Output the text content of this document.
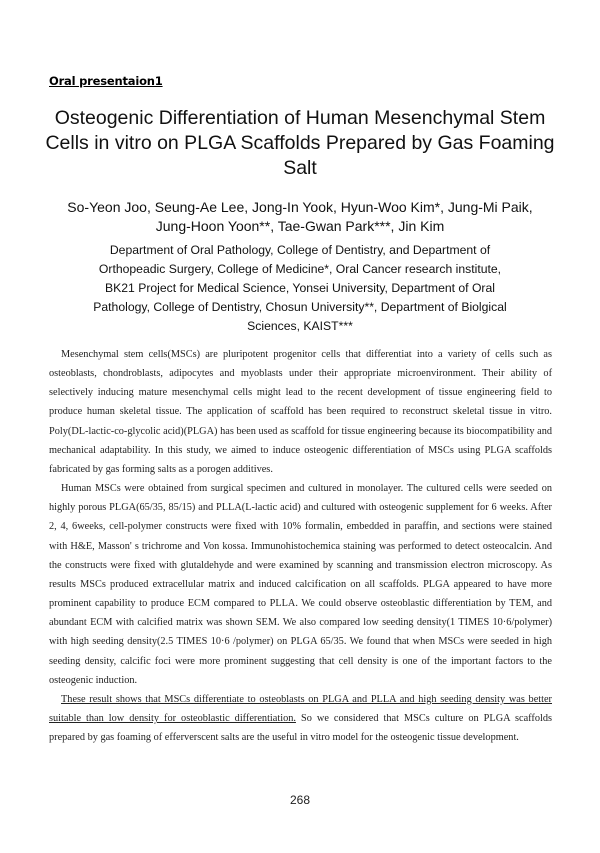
Oral presentaion1
Osteogenic Differentiation of Human Mesenchymal Stem Cells in vitro on PLGA Scaffolds Prepared by Gas Foaming Salt

So-Yeon Joo, Seung-Ae Lee, Jong-In Yook, Hyun-Woo Kim*, Jung-Mi Paik, Jung-Hoon Yoon**, Tae-Gwan Park***, Jin Kim

Department of Oral Pathology, College of Dentistry, and Department of Orthopeadic Surgery, College of Medicine*, Oral Cancer research institute, BK21 Project for Medical Science, Yonsei University, Department of Oral Pathology, College of Dentistry, Chosun University**, Department of Biolgical Sciences, KAIST***

Mesenchymal stem cells(MSCs) are pluripotent progenitor cells that differentiat into a variety of cells such as osteoblasts, chondroblasts, adipocytes and myoblasts under their appropriate microenvironment. Their ability of selectively inducing mature mesenchymal cells might lead to the recent development of tissue engineering field to produce human skeletal tissue. The application of scaffold has been required to reconstruct skeletal tissue in vitro. Poly(DL-lactic-co-glycolic acid)(PLGA) has been used as scaffold for tissue engineering because its biocompatibility and mechanical adaptability. In this study, we aimed to induce osteogenic differentiation of MSCs using PLGA scaffolds fabricated by gas forming salts as a porogen additives.

Human MSCs were obtained from surgical specimen and cultured in monolayer. The cultured cells were seeded on highly porous PLGA(65/35, 85/15) and PLLA(L-lactic acid) and cultured with osteogenic supplement for 6 weeks. After 2, 4, 6weeks, cell-polymer constructs were fixed with 10% formalin, embedded in paraffin, and sections were stained with H&E, Masson' s trichrome and Von kossa. Immunohistochemica staining was performed to detect osteocalcin. And the constructs were fixed with glutaldehyde and were examined by scanning and transmission electron microscopy. As results MSCs produced extracellular matrix and induced calcification on all scaffolds. PLGA appeared to have more prominent capability to produce ECM compared to PLLA. We could observe osteoblastic differentiation by TEM, and abundant ECM with calcified matrix was shown SEM. We also compared low seeding density(1 TIMES 10·6/polymer) with high seeding density(2.5 TIMES 10·6 /polymer) on PLGA 65/35. We found that when MSCs were seeded in high seeding density, calcific foci were more prominent suggesting that cell density is one of the important factors to the osteogenic induction.

These result shows that MSCs differentiate to osteoblasts on PLGA and PLLA and high seeding density was better suitable than low density for osteoblastic differentiation. So we considered that MSCs culture on PLGA scaffolds prepared by gas foaming of efferverscent salts are the useful in vitro model for the osteogenic tissue development.

268
